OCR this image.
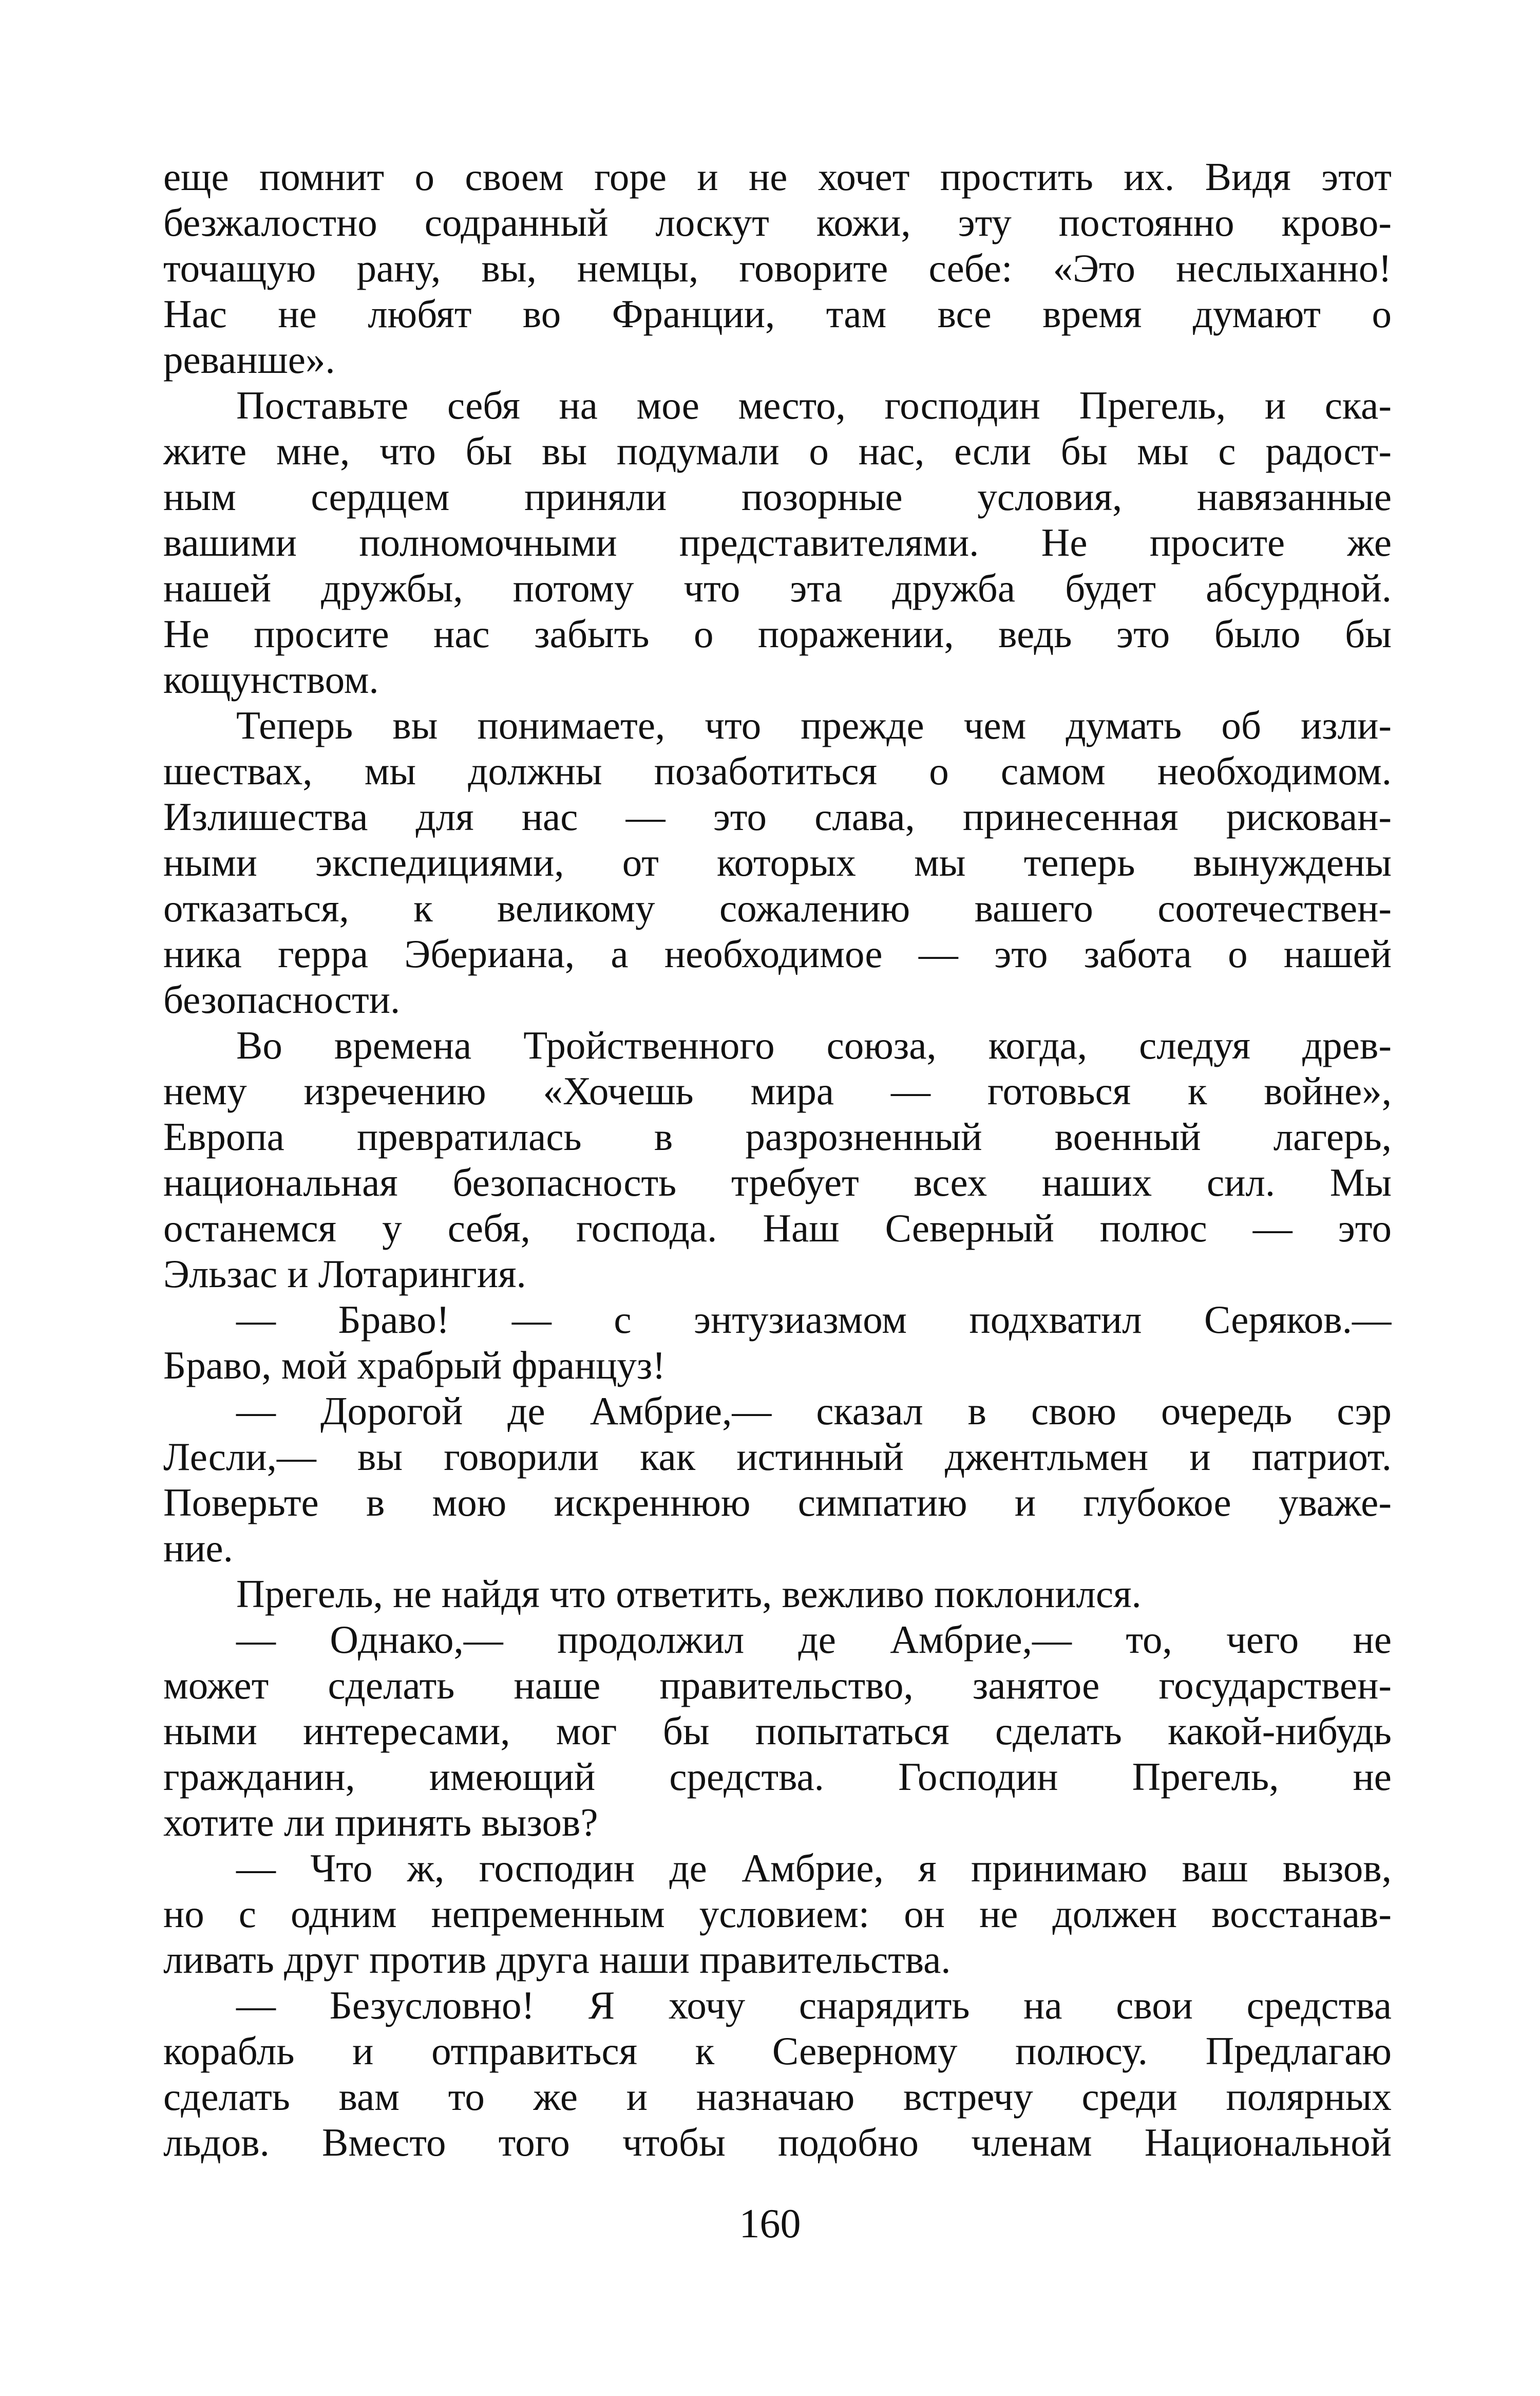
еще помнит о своем горе и не хочет простить их. Видя этот
безжалостно содранный лоскут кожи, эту постоянно крово-
точащую рану, вы, немцы, говорите себе: «Это неслыханно!
Нас не любят во Франции, там все время думают о
реванше».
Поставьте себя на мое место, господин Прегель, и ска-
жите мне, что бы вы подумали о нас, если бы мы с радост-
ным сердцем приняли позорные условия, навязанные
вашими полномочными представителями. Не просите же
нашей дружбы, потому что эта дружба будет абсурдной.
Не просите нас забыть о поражении, ведь это было бы
кощунством.
Теперь вы понимаете, что прежде чем думать об изли-
шествах, мы должны позаботиться о самом необходимом.
Излишества для нас — это слава, принесенная рискован-
ными экспедициями, от которых мы теперь вынуждены
отказаться, к великому сожалению вашего соотечествен-
ника герра Эбериана, а необходимое — это забота о нашей
безопасности.
Во времена Тройственного союза, когда, следуя древ-
нему изречению «Хочешь мира — готовься к войне»,
Европа превратилась в разрозненный военный лагерь,
национальная безопасность требует всех наших сил. Мы
останемся у себя, господа. Наш Северный полюс — это
Эльзас и Лотарингия.
— Браво! — с энтузиазмом подхватил Серяков.—
Браво, мой храбрый француз!
— Дорогой де Амбрие,— сказал в свою очередь сэр
Лесли,— вы говорили как истинный джентльмен и патриот.
Поверьте в мою искреннюю симпатию и глубокое уваже-
ние.
Прегель, не найдя что ответить, вежливо поклонился.
— Однако,— продолжил де Амбрие,— то, чего не
может сделать наше правительство, занятое государствен-
ными интересами, мог бы попытаться сделать какой-нибудь
гражданин, имеющий средства. Господин Прегель, не
хотите ли принять вызов?
— Что ж, господин де Амбрие, я принимаю ваш вызов,
но с одним непременным условием: он не должен восстанав-
ливать друг против друга наши правительства.
— Безусловно! Я хочу снарядить на свои средства
корабль и отправиться к Северному полюсу. Предлагаю
сделать вам то же и назначаю встречу среди полярных
льдов. Вместо того чтобы подобно членам Национальной
160
